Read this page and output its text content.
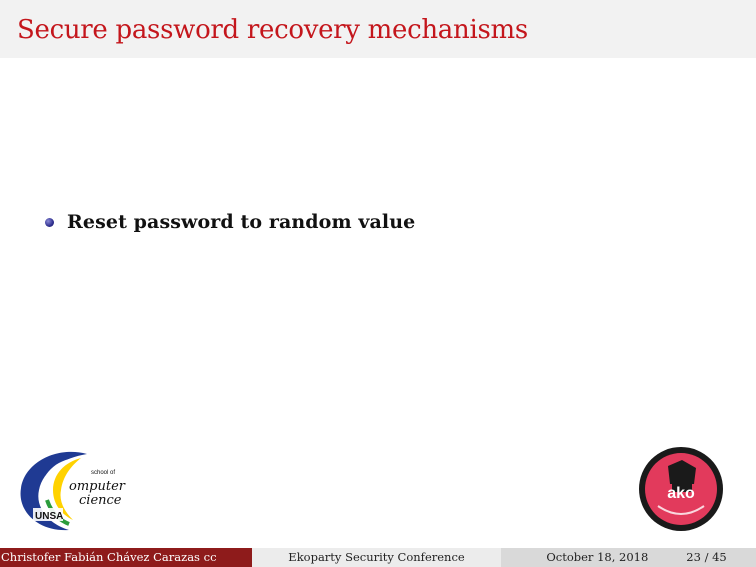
Secure password recovery mechanisms
Reset password to random value
UNSA
school of
omputer
cience	ako
Christofer Fabián Chávez Carazas cc	Ekoparty Security Conference	October 18, 2018	23 / 45
